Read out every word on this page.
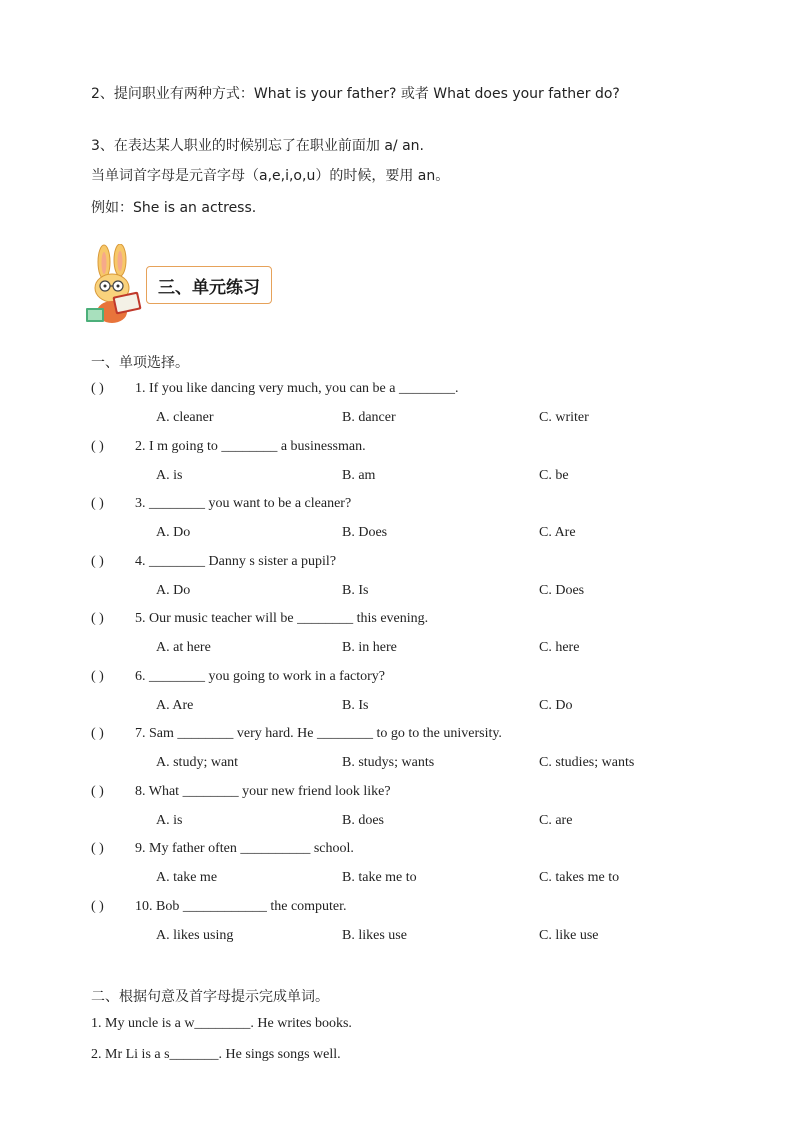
2、提问职业有两种方式：What is your father? 或者 What does your father do?
3、在表达某人职业的时候别忘了在职业前面加 a/ an.
当单词首字母是元音字母（a,e,i,o,u）的时候，要用 an。
例如：She is an actress.
三、单元练习
一、单项选择。
( ) 1. If you like dancing very much, you can be a ________.
A. cleaner	B. dancer	C. writer
( ) 2. I m going to ________ a businessman.
A. is	B. am	C. be
( ) 3. ________ you want to be a cleaner?
A. Do	B. Does	C. Are
( ) 4. ________ Danny s sister a pupil?
A. Do	B. Is	C. Does
( ) 5. Our music teacher will be ________ this evening.
A. at here	B. in here	C. here
( ) 6. ________ you going to work in a factory?
A. Are	B. Is	C. Do
( ) 7. Sam ________ very hard. He ________ to go to the university.
A. study; want	B. studys; wants	C. studies; wants
( ) 8. What ________ your new friend look like?
A. is	B. does	C. are
( ) 9. My father often __________ school.
A. take me	B. take me to	C. takes me to
( ) 10. Bob ____________ the computer.
A. likes using	B. likes use	C. like use
二、根据句意及首字母提示完成单词。
1. My uncle is a w________. He writes books.
2. Mr Li is a s_______. He sings songs well.
